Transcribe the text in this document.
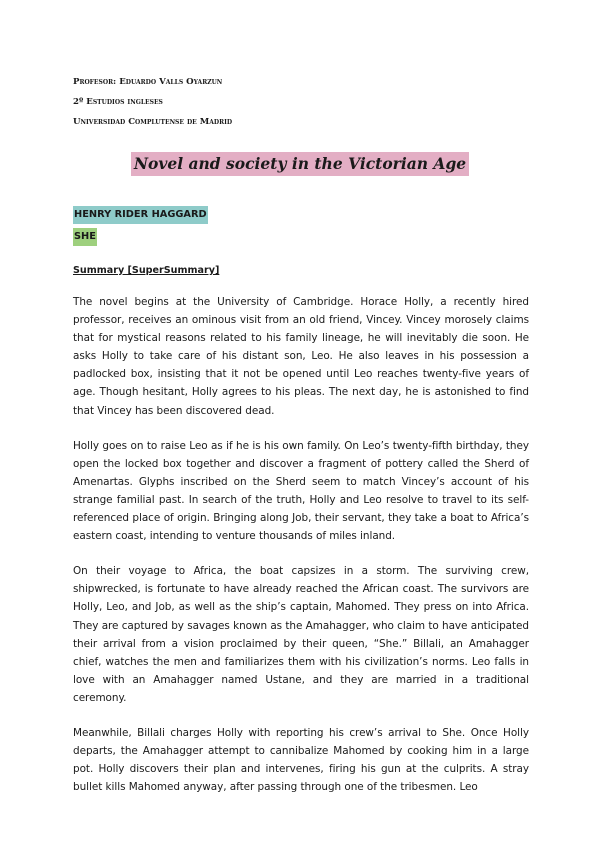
Profesor: Eduardo Valls Oyarzun
2º Estudios ingleses
Universidad Complutense de Madrid
Novel and society in the Victorian Age
HENRY RIDER HAGGARD
SHE
Summary [SuperSummary]

The novel begins at the University of Cambridge. Horace Holly, a recently hired professor, receives an ominous visit from an old friend, Vincey. Vincey morosely claims that for mystical reasons related to his family lineage, he will inevitably die soon. He asks Holly to take care of his distant son, Leo. He also leaves in his possession a padlocked box, insisting that it not be opened until Leo reaches twenty-five years of age. Though hesitant, Holly agrees to his pleas. The next day, he is astonished to find that Vincey has been discovered dead.

Holly goes on to raise Leo as if he is his own family. On Leo’s twenty-fifth birthday, they open the locked box together and discover a fragment of pottery called the Sherd of Amenartas. Glyphs inscribed on the Sherd seem to match Vincey’s account of his strange familial past. In search of the truth, Holly and Leo resolve to travel to its self-referenced place of origin. Bringing along Job, their servant, they take a boat to Africa’s eastern coast, intending to venture thousands of miles inland.

On their voyage to Africa, the boat capsizes in a storm. The surviving crew, shipwrecked, is fortunate to have already reached the African coast. The survivors are Holly, Leo, and Job, as well as the ship’s captain, Mahomed. They press on into Africa. They are captured by savages known as the Amahagger, who claim to have anticipated their arrival from a vision proclaimed by their queen, “She.” Billali, an Amahagger chief, watches the men and familiarizes them with his civilization’s norms. Leo falls in love with an Amahagger named Ustane, and they are married in a traditional ceremony.

Meanwhile, Billali charges Holly with reporting his crew’s arrival to She. Once Holly departs, the Amahagger attempt to cannibalize Mahomed by cooking him in a large pot. Holly discovers their plan and intervenes, firing his gun at the culprits. A stray bullet kills Mahomed anyway, after passing through one of the tribesmen. Leo
